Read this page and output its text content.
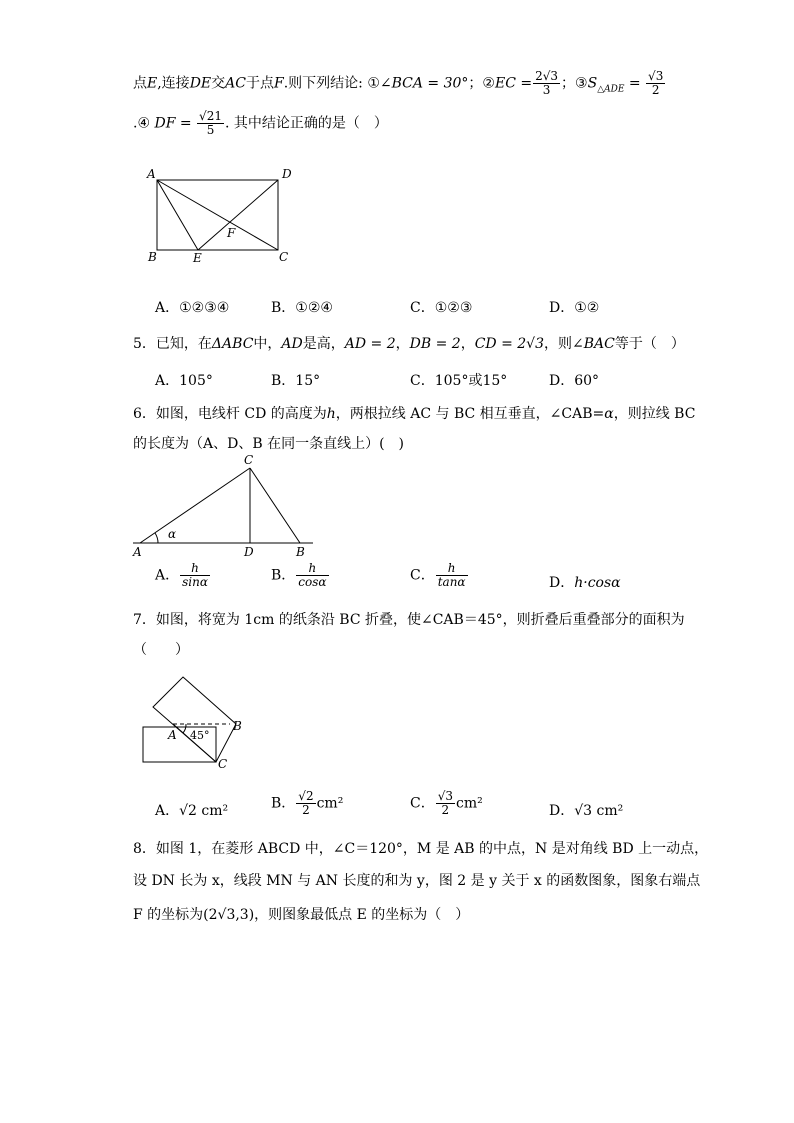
点E,连接DE交AC于点F.则下列结论: ①∠BCA = 30°；②EC = $\frac{2√3}{3}$ ；$③S_{\triangle ADE} = \frac{√3}{2}$
.④ DF = $\frac{√21}{5}$ . 其中结论正确的是（　）
A	D
B	E	C
F
A．①②③④	B．①②④	C．①②③	D．①②
5．已知，在ΔABC中，AD是高，AD = 2，DB = 2，CD = 2√3，则∠BAC等于（　）
A．105°	B．15°	C．105°或15°	D．60°
6．如图，电线杆 CD 的高度为h，两根拉线 AC 与 BC 相互垂直，∠CAB=α，则拉线 BC
的长度为（A、D、B 在同一条直线上）(　)
C
A	D	B
α
A． $\frac{h}{\sin\alpha}$	B． $\frac{h}{\cos\alpha}$	C． $\frac{h}{\tan\alpha}$	D．h·cosα
7．如图，将宽为 1cm 的纸条沿 BC 折叠，使∠CAB＝45°，则折叠后重叠部分的面积为
（　　）
A
B
C
45°
A．√2 cm²	B． $\frac{√2}{2} cm^2$	C． $\frac{√3}{2} cm^2$	D．√3 cm²
8．如图 1，在菱形 ABCD 中，∠C＝120°，M 是 AB 的中点，N 是对角线 BD 上一动点，
设 DN 长为 x，线段 MN 与 AN 长度的和为 y，图 2 是 y 关于 x 的函数图象，图象右端点
F 的坐标为(2√3,3)，则图象最低点 E 的坐标为（　）
